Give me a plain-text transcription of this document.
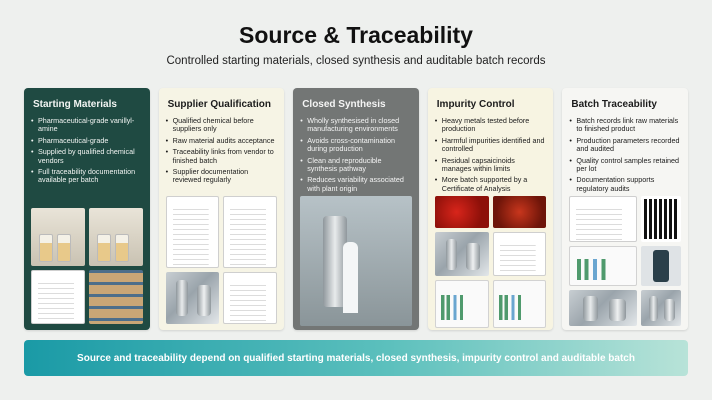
Source & Traceability
Controlled starting materials, closed synthesis and auditable batch records
Starting Materials
• Pharmaceutical-grade vanillyl-amine
• Pharmaceutical-grade
• Supplied by qualified chemical vendors
• Full traceability documentation available per batch
Supplier Qualification
• Qualified chemical before suppliers only
• Raw material audits acceptance
• Traceability links from vendor to finished batch
• Supplier documentation reviewed regularly
Closed Synthesis
• Wholly synthesised in closed manufacturing environments
• Avoids cross-contamination during production
• Clean and reproducible synthesis pathway
• Reduces variability associated with plant origin
Impurity Control
• Heavy metals tested before production
• Harmful impurities identified and controlled
• Residual capsaicinoids manages within limits
• More batch supported by a Certificate of Analysis
Batch Traceability
• Batch records link raw materials to finished product
• Production parameters recorded and audited
• Quality control samples retained per lot
• Documentation supports regulatory audits
Source and traceability depend on qualified starting materials, closed synthesis, impurity control and auditable batch
